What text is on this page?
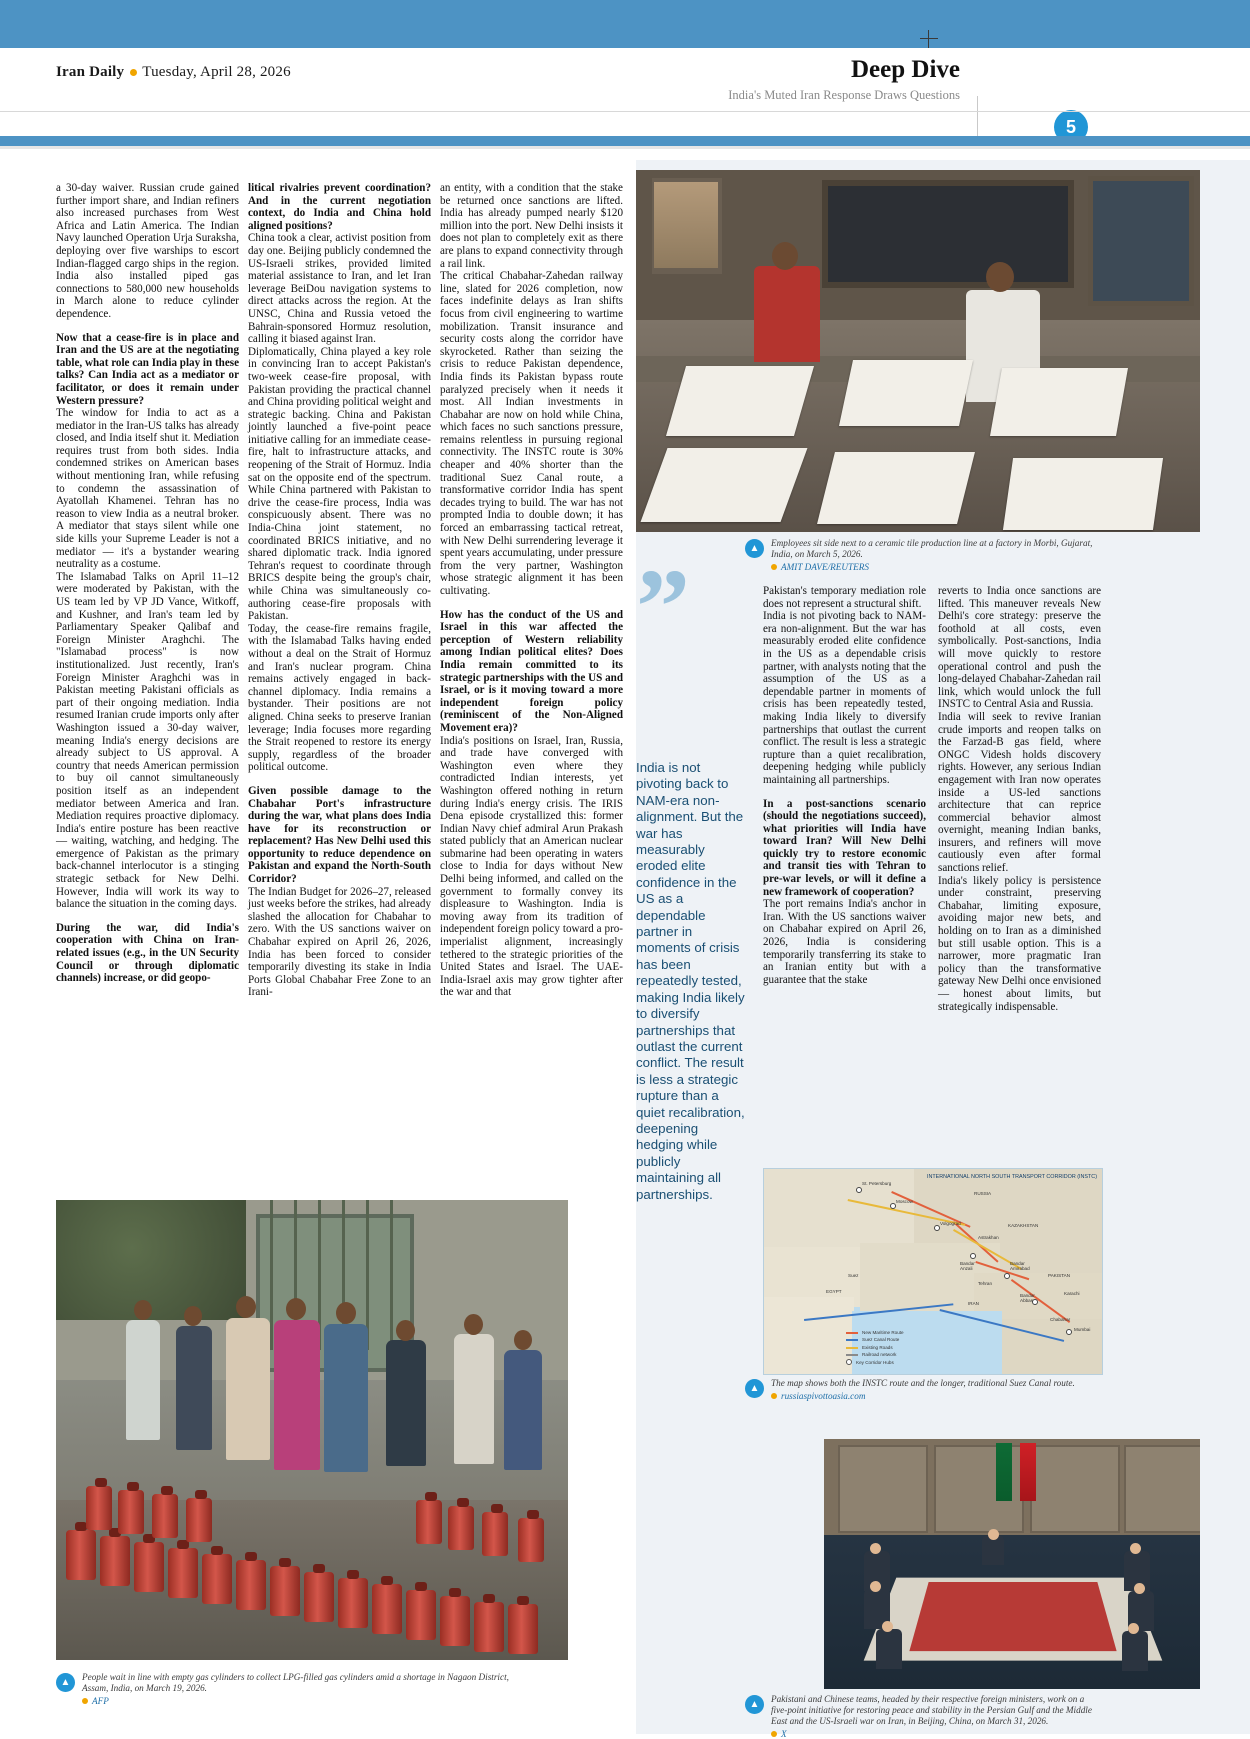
Iran Daily Tuesday, April 28, 2026	Deep Dive
India's Muted Iran Response Draws Questions
5

a 30-day waiver. Russian crude gained further import share, and Indian refiners also increased purchases from West Africa and Latin America. The Indian Navy launched Operation Urja Suraksha, deploying over five warships to escort Indian-flagged cargo ships in the region. India also installed piped gas connections to 580,000 new households in March alone to reduce cylinder dependence.

Now that a cease-fire is in place and Iran and the US are at the negotiating table, what role can India play in these talks? Can India act as a mediator or facilitator, or does it remain under Western pressure?

The window for India to act as a mediator in the Iran-US talks has already closed, and India itself shut it. Mediation requires trust from both sides. India condemned strikes on American bases without mentioning Iran, while refusing to condemn the assassination of Ayatollah Khamenei. Tehran has no reason to view India as a neutral broker. A mediator that stays silent while one side kills your Supreme Leader is not a mediator — it's a bystander wearing neutrality as a costume.

The Islamabad Talks on April 11–12 were moderated by Pakistan, with the US team led by VP JD Vance, Witkoff, and Kushner, and Iran's team led by Parliamentary Speaker Qalibaf and Foreign Minister Araghchi. The "Islamabad process" is now institutionalized. Just recently, Iran's Foreign Minister Araghchi was in Pakistan meeting Pakistani officials as part of their ongoing mediation. India resumed Iranian crude imports only after Washington issued a 30-day waiver, meaning India's energy decisions are already subject to US approval. A country that needs American permission to buy oil cannot simultaneously position itself as an independent mediator between America and Iran. Mediation requires proactive diplomacy. India's entire posture has been reactive — waiting, watching, and hedging. The emergence of Pakistan as the primary back-channel interlocutor is a stinging strategic setback for New Delhi. However, India will work its way to balance the situation in the coming days.

During the war, did India's cooperation with China on Iran-related issues (e.g., in the UN Security Council or through diplomatic channels) increase, or did geopo-

litical rivalries prevent coordination? And in the current negotiation context, do India and China hold aligned positions?

China took a clear, activist position from day one. Beijing publicly condemned the US-Israeli strikes, provided limited material assistance to Iran, and let Iran leverage BeiDou navigation systems to direct attacks across the region. At the UNSC, China and Russia vetoed the Bahrain-sponsored Hormuz resolution, calling it biased against Iran.

Diplomatically, China played a key role in convincing Iran to accept Pakistan's two-week cease-fire proposal, with Pakistan providing the practical channel and China providing political weight and strategic backing. China and Pakistan jointly launched a five-point peace initiative calling for an immediate cease-fire, halt to infrastructure attacks, and reopening of the Strait of Hormuz. India sat on the opposite end of the spectrum. While China partnered with Pakistan to drive the cease-fire process, India was conspicuously absent. There was no India-China joint statement, no coordinated BRICS initiative, and no shared diplomatic track. India ignored Tehran's request to coordinate through BRICS despite being the group's chair, while China was simultaneously co-authoring cease-fire proposals with Pakistan.

Today, the cease-fire remains fragile, with the Islamabad Talks having ended without a deal on the Strait of Hormuz and Iran's nuclear program. China remains actively engaged in back-channel diplomacy. India remains a bystander. Their positions are not aligned. China seeks to preserve Iranian leverage; India focuses more regarding the Strait reopened to restore its energy supply, regardless of the broader political outcome.

Given possible damage to the Chabahar Port's infrastructure during the war, what plans does India have for its reconstruction or replacement? Has New Delhi used this opportunity to reduce dependence on Pakistan and expand the North-South Corridor?

The Indian Budget for 2026–27, released just weeks before the strikes, had already slashed the allocation for Chabahar to zero. With the US sanctions waiver on Chabahar expired on April 26, 2026, India has been forced to consider temporarily divesting its stake in India Ports Global Chabahar Free Zone to an Irani-

an entity, with a condition that the stake be returned once sanctions are lifted. India has already pumped nearly $120 million into the port. New Delhi insists it does not plan to completely exit as there are plans to expand connectivity through a rail link.

The critical Chabahar-Zahedan railway line, slated for 2026 completion, now faces indefinite delays as Iran shifts focus from civil engineering to wartime mobilization. Transit insurance and security costs along the corridor have skyrocketed. Rather than seizing the crisis to reduce Pakistan dependence, India finds its Pakistan bypass route paralyzed precisely when it needs it most. All Indian investments in Chabahar are now on hold while China, which faces no such sanctions pressure, remains relentless in pursuing regional connectivity. The INSTC route is 30% cheaper and 40% shorter than the traditional Suez Canal route, a transformative corridor India has spent decades trying to build. The war has not prompted India to double down; it has forced an embarrassing tactical retreat, with New Delhi surrendering leverage it spent years accumulating, under pressure from the very partner, Washington whose strategic alignment it has been cultivating.

How has the conduct of the US and Israel in this war affected the perception of Western reliability among Indian political elites? Does India remain committed to its strategic partnerships with the US and Israel, or is it moving toward a more independent foreign policy (reminiscent of the Non-Aligned Movement era)?

India's positions on Israel, Iran, Russia, and trade have converged with Washington even where they contradicted Indian interests, yet Washington offered nothing in return during India's energy crisis. The IRIS Dena episode crystallized this: former Indian Navy chief admiral Arun Prakash stated publicly that an American nuclear submarine had been operating in waters close to India for days without New Delhi being informed, and called on the government to formally convey its displeasure to Washington. India is moving away from its tradition of independent foreign policy toward a pro-imperialist alignment, increasingly tethered to the strategic priorities of the United States and Israel. The UAE-India-Israel axis may grow tighter after the war and that

▲	Employees sit side next to a ceramic tile production line at a factory in Morbi, Gujarat, India, on March 5, 2026.
AMIT DAVE/REUTERS
”
India is not pivoting back to NAM-era non-alignment. But the war has measurably eroded elite confidence in the US as a dependable partner in moments of crisis has been repeatedly tested, making India likely to diversify partnerships that outlast the current conflict. The result is less a strategic rupture than a quiet recalibration, deepening hedging while publicly maintaining all partnerships.

Pakistan's temporary mediation role does not represent a structural shift.

India is not pivoting back to NAM-era non-alignment. But the war has measurably eroded elite confidence in the US as a dependable crisis partner, with analysts noting that the assumption of the US as a dependable partner in moments of crisis has been repeatedly tested, making India likely to diversify partnerships that outlast the current conflict. The result is less a strategic rupture than a quiet recalibration, deepening hedging while publicly maintaining all partnerships.

In a post-sanctions scenario (should the negotiations succeed), what priorities will India have toward Iran? Will New Delhi quickly try to restore economic and transit ties with Tehran to pre-war levels, or will it define a new framework of cooperation?

The port remains India's anchor in Iran. With the US sanctions waiver on Chabahar expired on April 26, 2026, India is considering temporarily transferring its stake to an Iranian entity but with a guarantee that the stake

reverts to India once sanctions are lifted. This maneuver reveals New Delhi's core strategy: preserve the foothold at all costs, even symbolically. Post-sanctions, India will move quickly to restore operational control and push the long-delayed Chabahar-Zahedan rail link, which would unlock the full INSTC to Central Asia and Russia.

India will seek to revive Iranian crude imports and reopen talks on the Farzad-B gas field, where ONGC Videsh holds discovery rights. However, any serious Indian engagement with Iran now operates inside a US-led sanctions architecture that can reprice commercial behavior almost overnight, meaning Indian banks, insurers, and refiners will move cautiously even after formal sanctions relief.

India's likely policy is persistence under constraint, preserving Chabahar, limiting exposure, avoiding major new bets, and holding on to Iran as a diminished but still usable option. This is a narrower, more pragmatic Iran policy than the transformative gateway New Delhi once envisioned — honest about limits, but strategically indispensable.

St. Petersburg
Moscow
RUSSIA
Volgograd
Astrakhan
KAZAKHSTAN
Bandar
Anzali
Bandar
Amirabad
Tehran
IRAN
Bandar
Abbas
Chabahar
PAKISTAN
Karachi
Mumbai
EGYPT
Suez
INTERNATIONAL NORTH SOUTH TRANSPORT CORRIDOR (INSTC)
New Maritime Route
Suez Canal Route
Existing Roads
Railroad network
Key Corridor Hubs
▲	The map shows both the INSTC route and the longer, traditional Suez Canal route.
russiaspivottoasia.com
▲	Pakistani and Chinese teams, headed by their respective foreign ministers, work on a five-point initiative for restoring peace and stability in the Persian Gulf and the Middle East and the US-Israeli war on Iran, in Beijing, China, on March 31, 2026.
X
▲	People wait in line with empty gas cylinders to collect LPG-filled gas cylinders amid a shortage in Nagaon District, Assam, India, on March 19, 2026.
AFP
